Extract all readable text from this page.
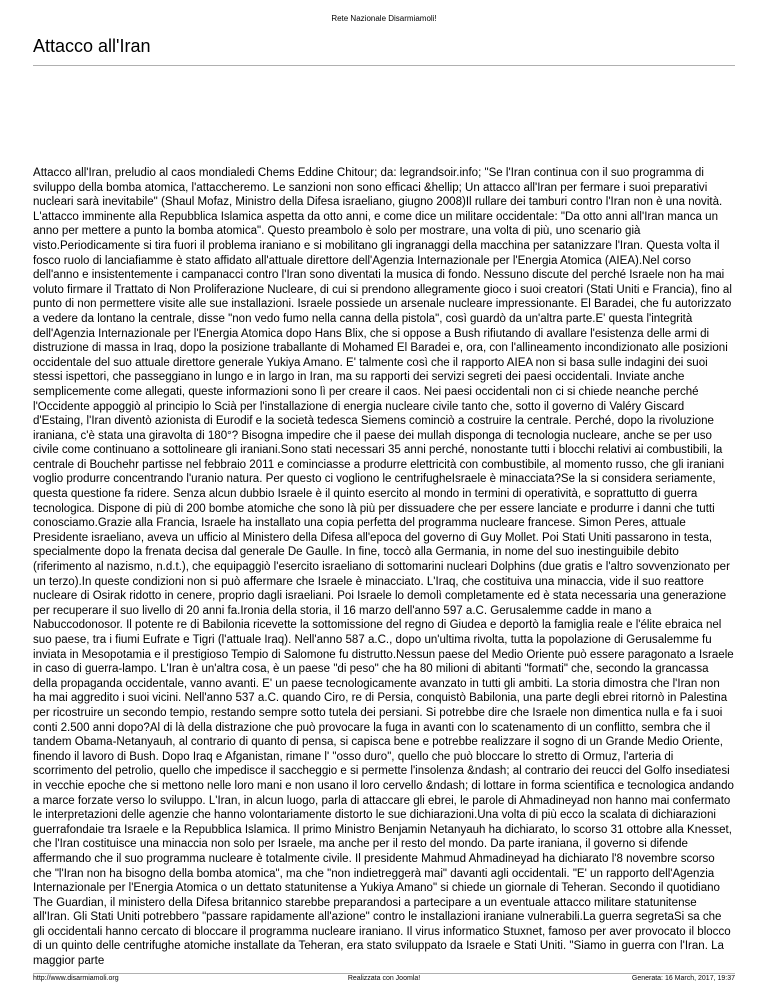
Rete Nazionale Disarmiamoli!
Attacco all'Iran

Attacco all'Iran, preludio al caos mondialedi Chems Eddine Chitour; da: legrandsoir.info; "Se l'Iran continua con il suo programma di sviluppo della bomba atomica, l'attaccheremo. Le sanzioni non sono efficaci &hellip; Un attacco all'Iran per fermare i suoi preparativi nucleari sarà inevitabile" (Shaul Mofaz, Ministro della Difesa israeliano, giugno 2008)Il rullare dei tamburi contro l'Iran non è una novità. L'attacco imminente alla Repubblica Islamica aspetta da otto anni, e come dice un militare occidentale: "Da otto anni all'Iran manca un anno per mettere a punto la bomba atomica". Questo preambolo è solo per mostrare, una volta di più, uno scenario già visto.Periodicamente si tira fuori il problema iraniano e si mobilitano gli ingranaggi della macchina per satanizzare l'Iran. Questa volta il fosco ruolo di lanciafiamme è stato affidato all'attuale direttore dell'Agenzia Internazionale per l'Energia Atomica (AIEA).Nel corso dell'anno e insistentemente i campanacci contro l'Iran sono diventati la musica di fondo. Nessuno discute del perché Israele non ha mai voluto firmare il Trattato di Non Proliferazione Nucleare, di cui si prendono allegramente gioco i suoi creatori (Stati Uniti e Francia), fino al punto di non permettere visite alle sue installazioni. Israele possiede un arsenale nucleare impressionante. El Baradei, che fu autorizzato a vedere da lontano la centrale, disse "non vedo fumo nella canna della pistola", così guardò da un'altra parte.E' questa l'integrità dell'Agenzia Internazionale per l'Energia Atomica dopo Hans Blix, che si oppose a Bush rifiutando di avallare l'esistenza delle armi di distruzione di massa in Iraq, dopo la posizione traballante di Mohamed El Baradei e, ora, con l'allineamento incondizionato alle posizioni occidentale del suo attuale direttore generale Yukiya Amano. E' talmente così che il rapporto AIEA non si basa sulle indagini dei suoi stessi ispettori, che passeggiano in lungo e in largo in Iran, ma su rapporti dei servizi segreti dei paesi occidentali. Inviate anche semplicemente come allegati, queste informazioni sono lì per creare il caos. Nei paesi occidentali non ci si chiede neanche perché l'Occidente appoggiò al principio lo Scià per l'installazione di energia nucleare civile tanto che, sotto il governo di Valéry Giscard d'Estaing, l'Iran diventò azionista di Eurodif e la società tedesca Siemens cominciò a costruire la centrale. Perché, dopo la rivoluzione iraniana, c'è stata una giravolta di 180°? Bisogna impedire che il paese dei mullah disponga di tecnologia nucleare, anche se per uso civile come continuano a sottolineare gli iraniani.Sono stati necessari 35 anni perché, nonostante tutti i blocchi relativi ai combustibili, la centrale di Bouchehr partisse nel febbraio 2011 e cominciasse a produrre elettricità con combustibile, al momento russo, che gli iraniani voglio produrre concentrando l'uranio natura. Per questo ci vogliono le centrifugheIsraele è minacciata?Se la si considera seriamente, questa questione fa ridere. Senza alcun dubbio Israele è il quinto esercito al mondo in termini di operatività, e soprattutto di guerra tecnologica. Dispone di più di 200 bombe atomiche che sono là più per dissuadere che per essere lanciate e produrre i danni che tutti conosciamo.Grazie alla Francia, Israele ha installato una copia perfetta del programma nucleare francese. Simon Peres, attuale Presidente israeliano, aveva un ufficio al Ministero della Difesa all'epoca del governo di Guy Mollet. Poi Stati Uniti passarono in testa, specialmente dopo la frenata decisa dal generale De Gaulle. In fine, toccò alla Germania, in nome del suo inestinguibile debito (riferimento al nazismo, n.d.t.), che equipaggiò l'esercito israeliano di sottomarini nucleari Dolphins (due gratis e l'altro sovvenzionato per un terzo).In queste condizioni non si può affermare che Israele è minacciato. L'Iraq, che costituiva una minaccia, vide il suo reattore nucleare di Osirak ridotto in cenere, proprio dagli israeliani. Poi Israele lo demolì completamente ed è stata necessaria una generazione per recuperare il suo livello di 20 anni fa.Ironia della storia, il 16 marzo dell'anno 597 a.C. Gerusalemme cadde in mano a Nabuccodonosor. Il potente re di Babilonia ricevette la sottomissione del regno di Giudea e deportò la famiglia reale e l'élite ebraica nel suo paese, tra i fiumi Eufrate e Tigri (l'attuale Iraq). Nell'anno 587 a.C., dopo un'ultima rivolta, tutta la popolazione di Gerusalemme fu inviata in Mesopotamia e il prestigioso Tempio di Salomone fu distrutto.Nessun paese del Medio Oriente può essere paragonato a Israele in caso di guerra-lampo. L'Iran è un'altra cosa, è un paese "di peso" che ha 80 milioni di abitanti "formati" che, secondo la grancassa della propaganda occidentale, vanno avanti. E' un paese tecnologicamente avanzato in tutti gli ambiti. La storia dimostra che l'Iran non ha mai aggredito i suoi vicini. Nell'anno 537 a.C. quando Ciro, re di Persia, conquistò Babilonia, una parte degli ebrei ritornò in Palestina per ricostruire un secondo tempio, restando sempre sotto tutela dei persiani. Si potrebbe dire che Israele non dimentica nulla e fa i suoi conti 2.500 anni dopo?Al di là della distrazione che può provocare la fuga in avanti con lo scatenamento di un conflitto, sembra che il tandem Obama-Netanyauh, al contrario di quanto di pensa, si capisca bene e potrebbe realizzare il sogno di un Grande Medio Oriente, finendo il lavoro di Bush. Dopo Iraq e Afganistan, rimane l' "osso duro", quello che può bloccare lo stretto di Ormuz, l'arteria di scorrimento del petrolio, quello che impedisce il saccheggio e si permette l'insolenza &ndash; al contrario dei reucci del Golfo insediatesi in vecchie epoche che si mettono nelle loro mani e non usano il loro cervello &ndash; di lottare in forma scientifica e tecnologica andando a marce forzate verso lo sviluppo. L'Iran, in alcun luogo, parla di attaccare gli ebrei, le parole di Ahmadineyad non hanno mai confermato le interpretazioni delle agenzie che hanno volontariamente distorto le sue dichiarazioni.Una volta di più ecco la scalata di dichiarazioni guerrafondaie tra Israele e la Repubblica Islamica. Il primo Ministro Benjamin Netanyauh ha dichiarato, lo scorso 31 ottobre alla Knesset, che l'Iran costituisce una minaccia non solo per Israele, ma anche per il resto del mondo. Da parte iraniana, il governo si difende affermando che il suo programma nucleare è totalmente civile. Il presidente Mahmud Ahmadineyad ha dichiarato l'8 novembre scorso che "l'Iran non ha bisogno della bomba atomica", ma che "non indietreggerà mai" davanti agli occidentali. "E' un rapporto dell'Agenzia Internazionale per l'Energia Atomica o un dettato statunitense a Yukiya Amano" si chiede un giornale di Teheran. Secondo il quotidiano The Guardian, il ministero della Difesa britannico starebbe preparandosi a partecipare a un eventuale attacco militare statunitense all'Iran. Gli Stati Uniti potrebbero "passare rapidamente all'azione" contro le installazioni iraniane vulnerabili.La guerra segretaSi sa che gli occidentali hanno cercato di bloccare il programma nucleare iraniano. Il virus informatico Stuxnet, famoso per aver provocato il blocco di un quinto delle centrifughe atomiche installate da Teheran, era stato sviluppato da Israele e Stati Uniti. "Siamo in guerra con l'Iran. La maggior parte

Realizzata con Joomla!
http://www.disarmiamoli.org	Generata: 16 March, 2017, 19:37
